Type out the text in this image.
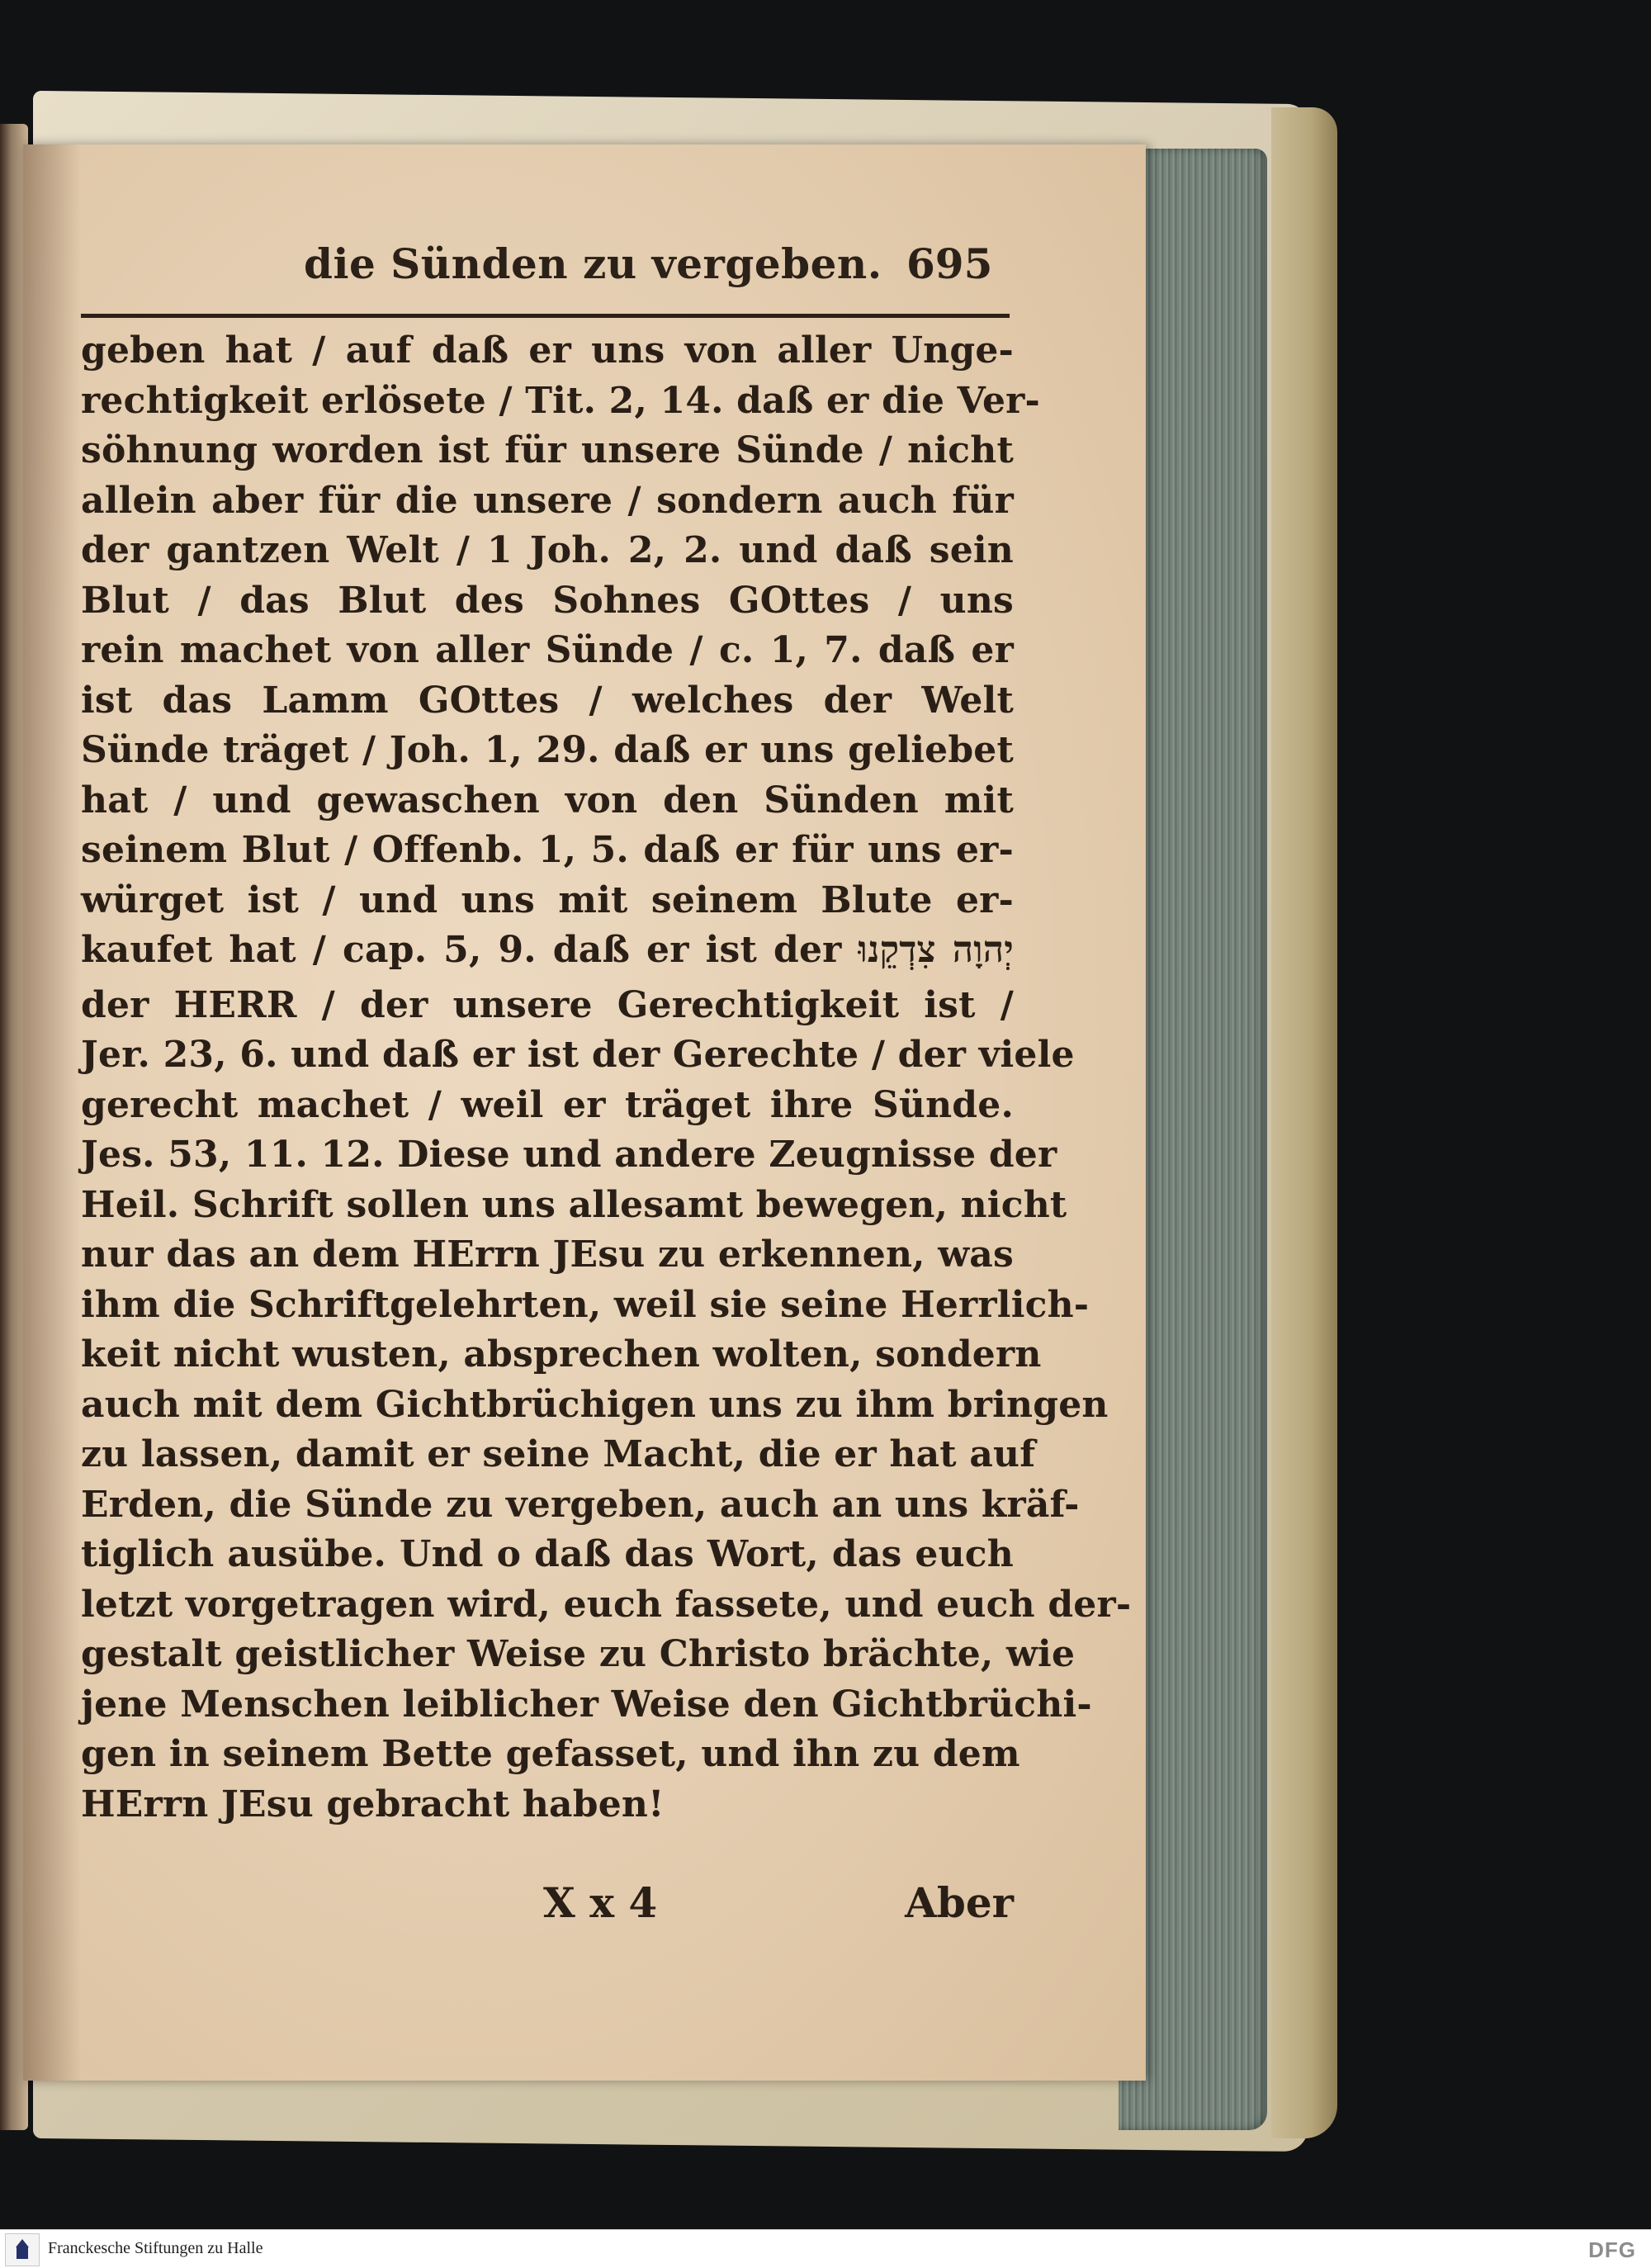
die Sünden zu vergeben. 695
geben hat / auf daß er uns von aller Unge-
rechtigkeit erlösete / Tit. 2, 14. daß er die Ver-
söhnung worden ist für unsere Sünde / nicht
allein aber für die unsere / sondern auch für
der gantzen Welt / 1 Joh. 2, 2. und daß sein
Blut / das Blut des Sohnes GOttes / uns
rein machet von aller Sünde / c. 1, 7. daß er
ist das Lamm GOttes / welches der Welt
Sünde träget / Joh. 1, 29. daß er uns geliebet
hat / und gewaschen von den Sünden mit
seinem Blut / Offenb. 1, 5. daß er für uns er-
würget ist / und uns mit seinem Blute er-
kaufet hat / cap. 5, 9. daß er ist der יְהוָה צִדְקֵנוּ
der HERR / der unsere Gerechtigkeit ist /
Jer. 23, 6. und daß er ist der Gerechte / der viele
gerecht machet / weil er träget ihre Sünde.
Jes. 53, 11. 12. Diese und andere Zeugnisse der
Heil. Schrift sollen uns allesamt bewegen, nicht
nur das an dem HErrn JEsu zu erkennen, was
ihm die Schriftgelehrten, weil sie seine Herrlich-
keit nicht wusten, absprechen wolten, sondern
auch mit dem Gichtbrüchigen uns zu ihm bringen
zu lassen, damit er seine Macht, die er hat auf
Erden, die Sünde zu vergeben, auch an uns kräf-
tiglich ausübe. Und o daß das Wort, das euch
letzt vorgetragen wird, euch fassete, und euch der-
gestalt geistlicher Weise zu Christo brächte, wie
jene Menschen leiblicher Weise den Gichtbrüchi-
gen in seinem Bette gefasset, und ihn zu dem
HErrn JEsu gebracht haben!
X x 4	Aber
Franckesche Stiftungen zu Halle	DFG
